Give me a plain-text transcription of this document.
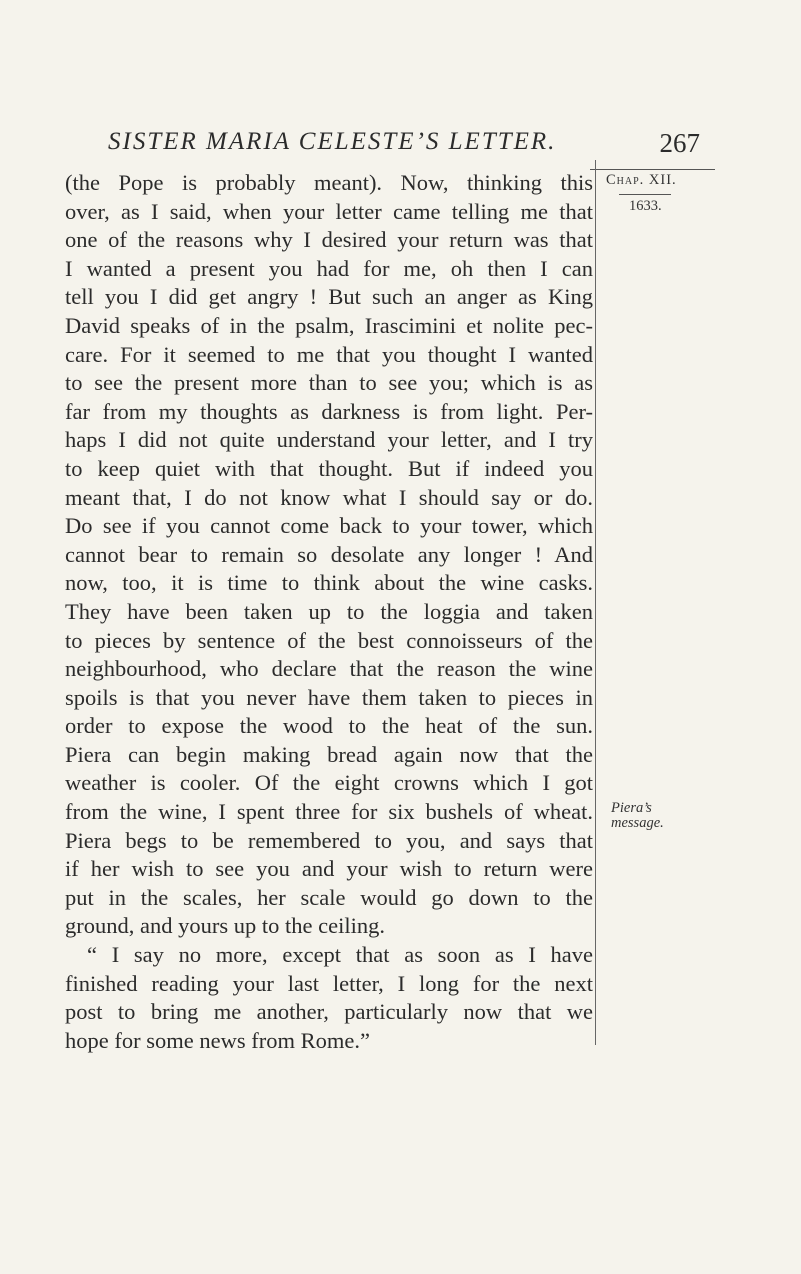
SISTER MARIA CELESTE’S LETTER.	267
(the Pope is probably meant). Now, thinking this
over, as I said, when your letter came telling me that
one of the reasons why I desired your return was that
I wanted a present you had for me, oh then I can
tell you I did get angry ! But such an anger as King
David speaks of in the psalm, Irascimini et nolite pec-
care. For it seemed to me that you thought I wanted
to see the present more than to see you; which is as
far from my thoughts as darkness is from light. Per-
haps I did not quite understand your letter, and I try
to keep quiet with that thought. But if indeed you
meant that, I do not know what I should say or do.
Do see if you cannot come back to your tower, which
cannot bear to remain so desolate any longer ! And
now, too, it is time to think about the wine casks.
They have been taken up to the loggia and taken
to pieces by sentence of the best connoisseurs of the
neighbourhood, who declare that the reason the wine
spoils is that you never have them taken to pieces in
order to expose the wood to the heat of the sun.
Piera can begin making bread again now that the
weather is cooler. Of the eight crowns which I got
from the wine, I spent three for six bushels of wheat.
Piera begs to be remembered to you, and says that
if her wish to see you and your wish to return were
put in the scales, her scale would go down to the
ground, and yours up to the ceiling.
“ I say no more, except that as soon as I have
finished reading your last letter, I long for the next
post to bring me another, particularly now that we
hope for some news from Rome.”
Chap. XII.
1633.
Piera’s
message.
